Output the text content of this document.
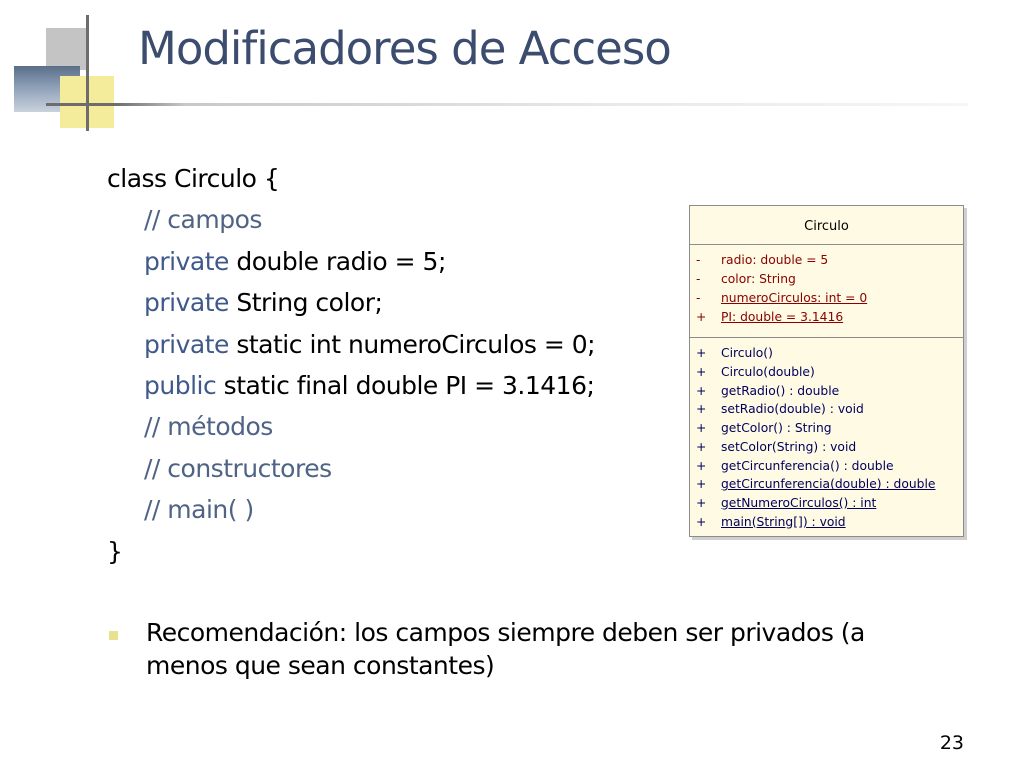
Modificadores de Acceso
class Circulo {
// campos
private double radio = 5;
private String color;
private static int numeroCirculos = 0;
public static final double PI = 3.1416;
// métodos
// constructores
// main( )
}
Circulo
-	radio: double = 5
-	color: String
-	numeroCirculos: int = 0
+ PI: double = 3.1416
+ Circulo()
+ Circulo(double)
+ getRadio() : double
+ setRadio(double) : void
+ getColor() : String
+ setColor(String) : void
+ getCircunferencia() : double
+ getCircunferencia(double) : double
+ getNumeroCirculos() : int
+ main(String[]) : void

Recomendación: los campos siempre deben ser privados (a menos que sean constantes)

23
